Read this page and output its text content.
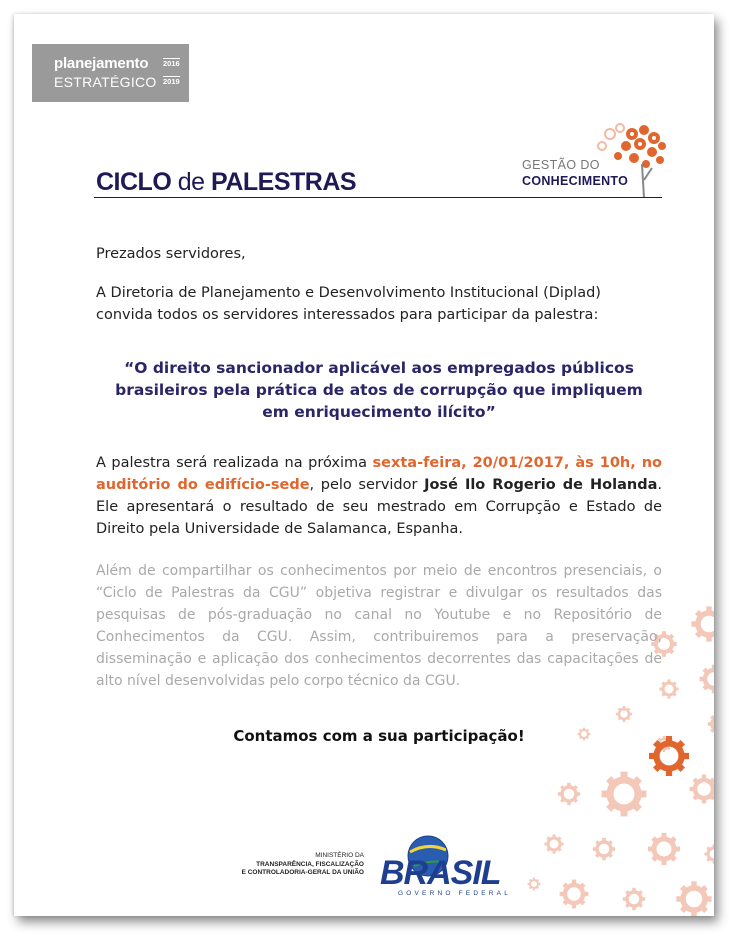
planejamento 2016
ESTRATÉGICO 2019
CICLO de PALESTRAS
GESTÃO DO
CONHECIMENTO
Prezados servidores,
A Diretoria de Planejamento e Desenvolvimento Institucional (Diplad) convida todos os servidores interessados para participar da palestra:
“O direito sancionador aplicável aos empregados públicos
brasileiros pela prática de atos de corrupção que impliquem
em enriquecimento ilícito”
A palestra será realizada na próxima sexta-feira, 20/01/2017, às 10h, no auditório do edifício-sede, pelo servidor José Ilo Rogerio de Holanda. Ele apresentará o resultado de seu mestrado em Corrupção e Estado de Direito pela Universidade de Salamanca, Espanha.
Além de compartilhar os conhecimentos por meio de encontros presenciais, o “Ciclo de Palestras da CGU” objetiva registrar e divulgar os resultados das pesquisas de pós-graduação no canal no Youtube e no Repositório de Conhecimentos da CGU. Assim, contribuiremos para a preservação, disseminação e aplicação dos conhecimentos decorrentes das capacitações de alto nível desenvolvidas pelo corpo técnico da CGU.
Contamos com a sua participação!
MINISTÉRIO DA
TRANSPARÊNCIA, FISCALIZAÇÃO
E CONTROLADORIA-GERAL DA UNIÃO BRASIL
GOVERNO FEDERAL
